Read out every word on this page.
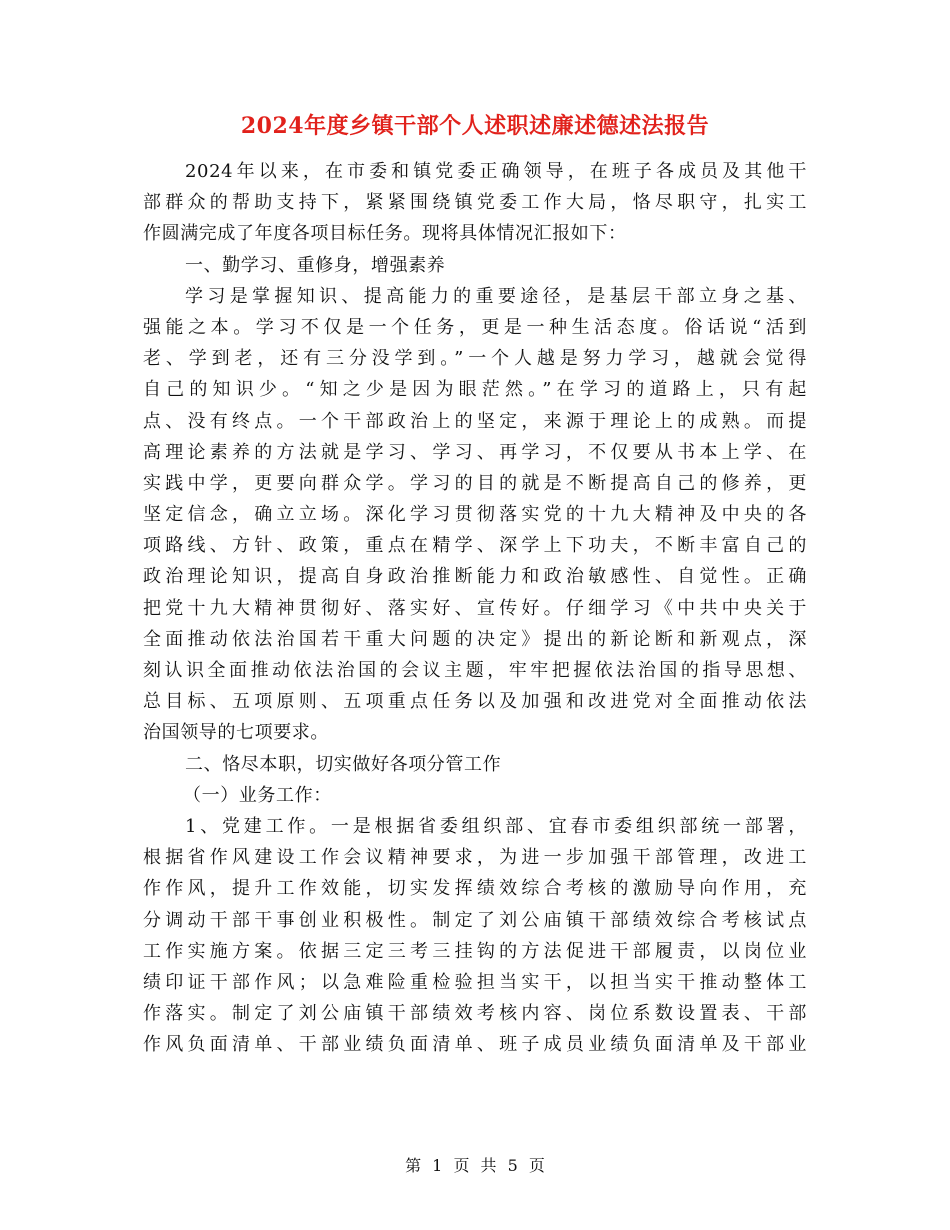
2024年度乡镇干部个人述职述廉述德述法报告
2024年以来，在市委和镇党委正确领导，在班子各成员及其他干
部群众的帮助支持下，紧紧围绕镇党委工作大局，恪尽职守，扎实工
作圆满完成了年度各项目标任务。现将具体情况汇报如下：
一、勤学习、重修身，增强素养
学习是掌握知识、提高能力的重要途径，是基层干部立身之基、
强能之本。学习不仅是一个任务，更是一种生活态度。俗话说“活到
老、学到老，还有三分没学到。”一个人越是努力学习，越就会觉得
自己的知识少。“知之少是因为眼茫然。”在学习的道路上，只有起
点、没有终点。一个干部政治上的坚定，来源于理论上的成熟。而提
高理论素养的方法就是学习、学习、再学习，不仅要从书本上学、在
实践中学，更要向群众学。学习的目的就是不断提高自己的修养，更
坚定信念，确立立场。深化学习贯彻落实党的十九大精神及中央的各
项路线、方针、政策，重点在精学、深学上下功夫，不断丰富自己的
政治理论知识，提高自身政治推断能力和政治敏感性、自觉性。正确
把党十九大精神贯彻好、落实好、宣传好。仔细学习《中共中央关于
全面推动依法治国若干重大问题的决定》提出的新论断和新观点，深
刻认识全面推动依法治国的会议主题，牢牢把握依法治国的指导思想、
总目标、五项原则、五项重点任务以及加强和改进党对全面推动依法
治国领导的七项要求。
二、恪尽本职，切实做好各项分管工作
（一）业务工作：
1、党建工作。一是根据省委组织部、宜春市委组织部统一部署，
根据省作风建设工作会议精神要求，为进一步加强干部管理，改进工
作作风，提升工作效能，切实发挥绩效综合考核的激励导向作用，充
分调动干部干事创业积极性。制定了刘公庙镇干部绩效综合考核试点
工作实施方案。依据三定三考三挂钩的方法促进干部履责，以岗位业
绩印证干部作风；以急难险重检验担当实干，以担当实干推动整体工
作落实。制定了刘公庙镇干部绩效考核内容、岗位系数设置表、干部
作风负面清单、干部业绩负面清单、班子成员业绩负面清单及干部业
第 1 页 共 5 页
